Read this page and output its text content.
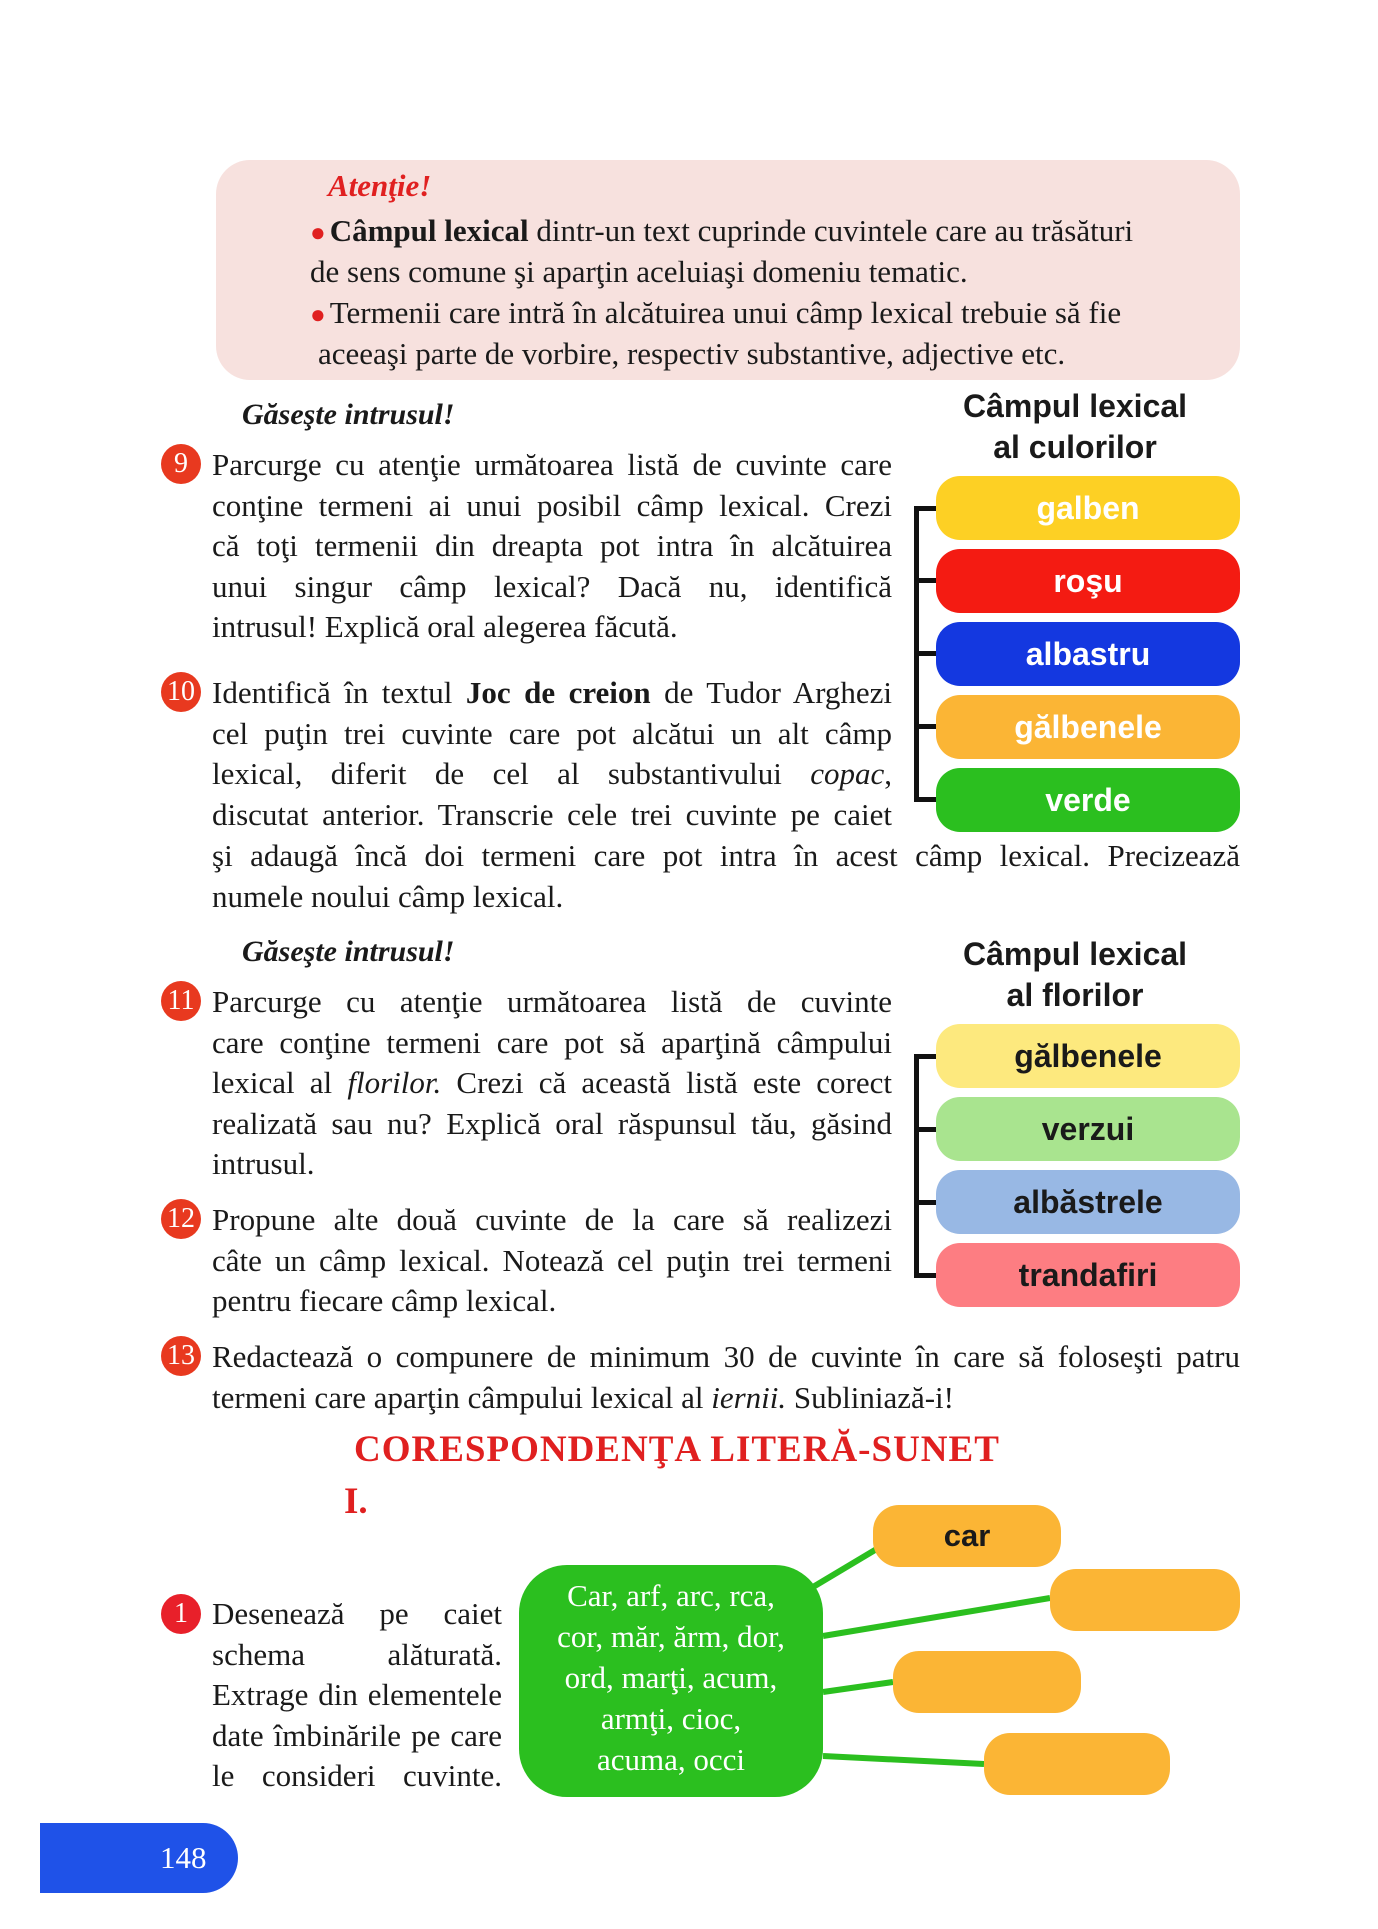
Atenţie!
● Câmpul lexical dintr-un text cuprinde cuvintele care au trăsături
de sens comune şi aparţin aceluiaşi domeniu tematic.
● Termenii care intră în alcătuirea unui câmp lexical trebuie să fie
aceeaşi parte de vorbire, respectiv substantive, adjective etc.
Găseşte intrusul!
9 Parcurge cu atenţie următoarea listă de cuvinte care
conţine termeni ai unui posibil câmp lexical. Crezi
că toţi termenii din dreapta pot intra în alcătuirea
unui singur câmp lexical? Dacă nu, identifică
intrusul! Explică oral alegerea făcută.
10 Identifică în textul Joc de creion de Tudor Arghezi
cel puţin trei cuvinte care pot alcătui un alt câmp
lexical, diferit de cel al substantivului copac,
discutat anterior. Transcrie cele trei cuvinte pe caiet
şi adaugă încă doi termeni care pot intra în acest câmp lexical. Precizează
numele noului câmp lexical.
Câmpul lexical
al culorilor
galben
roşu
albastru
gălbenele
verde
Găseşte intrusul!
11 Parcurge cu atenţie următoarea listă de cuvinte
care conţine termeni care pot să aparţină câmpului
lexical al florilor. Crezi că această listă este corect
realizată sau nu? Explică oral răspunsul tău, găsind
intrusul.
12 Propune alte două cuvinte de la care să realizezi
câte un câmp lexical. Notează cel puţin trei termeni
pentru fiecare câmp lexical.
Câmpul lexical
al florilor
gălbenele
verzui
albăstrele
trandafiri
13 Redactează o compunere de minimum 30 de cuvinte în care să foloseşti patru
termeni care aparţin câmpului lexical al iernii. Subliniază-i!
CORESPONDENŢA LITERĂ-SUNET
I.
1 Desenează pe caiet
schema alăturată.
Extrage din elementele
date îmbinările pe care
le consideri cuvinte.
Car, arf, arc, rca,
cor, măr, ărm, dor,
ord, marţi, acum,
armţi, cioc,
acuma, occi
car
148
